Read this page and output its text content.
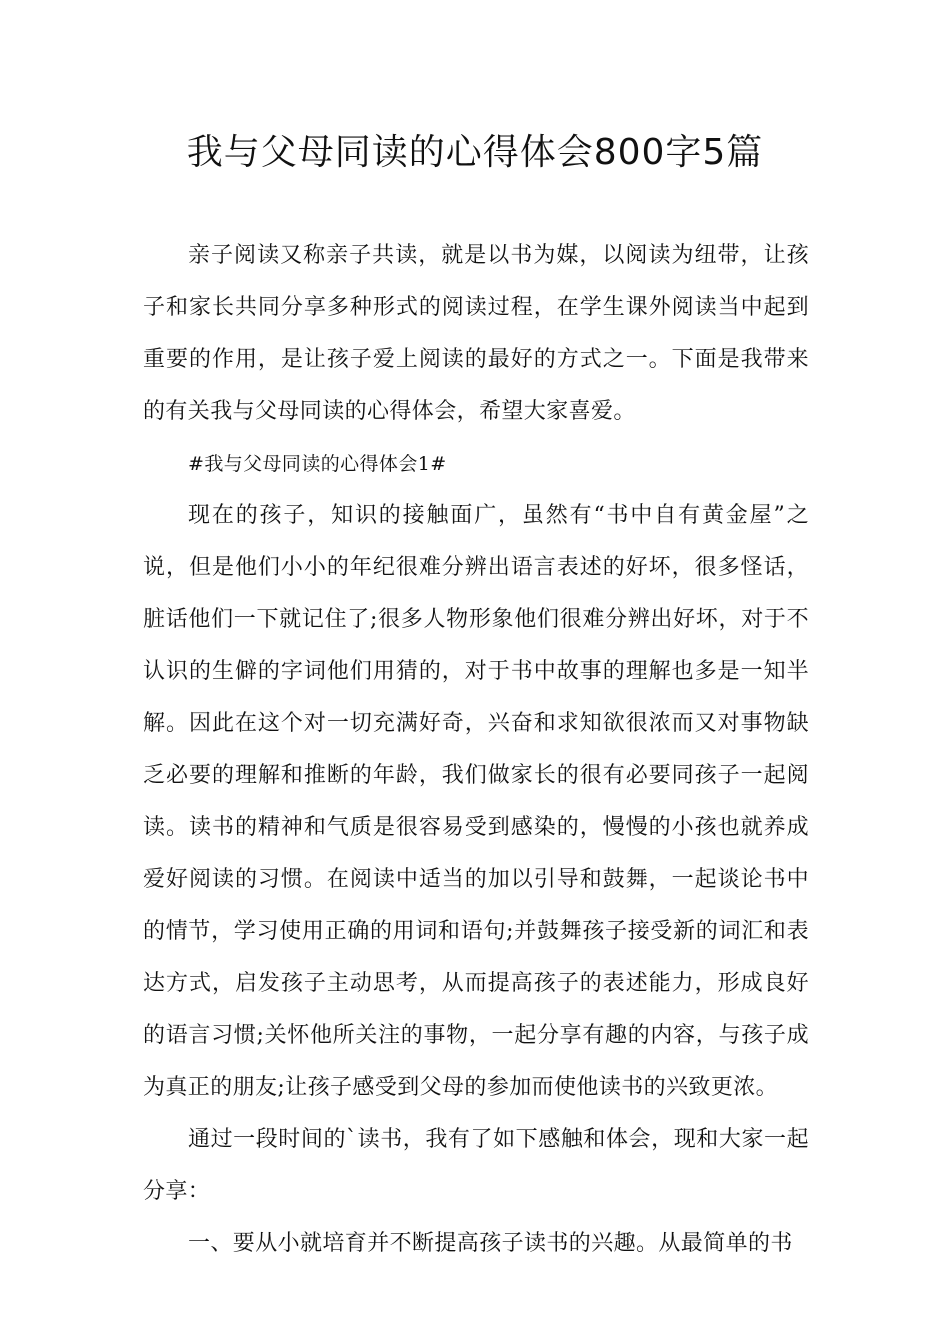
我与父母同读的心得体会800字5篇

亲子阅读又称亲子共读，就是以书为媒，以阅读为纽带，让孩子和家长共同分享多种形式的阅读过程，在学生课外阅读当中起到重要的作用，是让孩子爱上阅读的最好的方式之一。下面是我带来的有关我与父母同读的心得体会，希望大家喜爱。

#我与父母同读的心得体会1#

现在的孩子，知识的接触面广，虽然有“书中自有黄金屋”之说，但是他们小小的年纪很难分辨出语言表述的好坏，很多怪话，脏话他们一下就记住了;很多人物形象他们很难分辨出好坏，对于不认识的生僻的字词他们用猜的，对于书中故事的理解也多是一知半解。因此在这个对一切充满好奇，兴奋和求知欲很浓而又对事物缺乏必要的理解和推断的年龄，我们做家长的很有必要同孩子一起阅读。读书的精神和气质是很容易受到感染的，慢慢的小孩也就养成爱好阅读的习惯。在阅读中适当的加以引导和鼓舞，一起谈论书中的情节，学习使用正确的用词和语句;并鼓舞孩子接受新的词汇和表达方式，启发孩子主动思考，从而提高孩子的表述能力，形成良好的语言习惯;关怀他所关注的事物，一起分享有趣的内容，与孩子成为真正的朋友;让孩子感受到父母的参加而使他读书的兴致更浓。

通过一段时间的`读书，我有了如下感触和体会，现和大家一起分享：

一、要从小就培育并不断提高孩子读书的兴趣。从最简单的书
